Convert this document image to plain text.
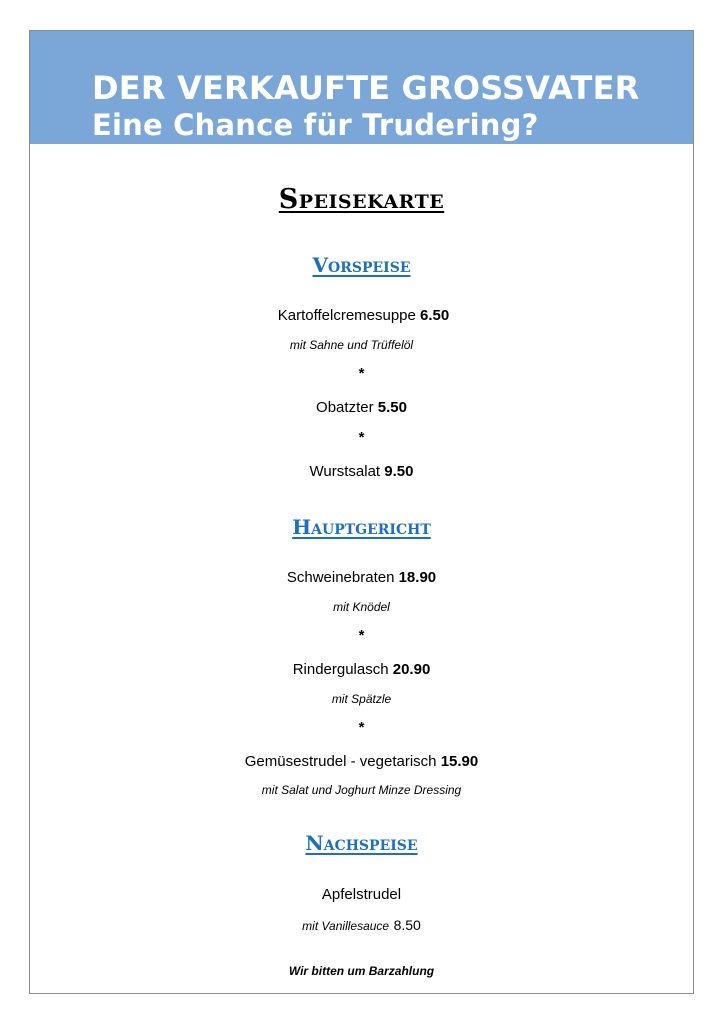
DER VERKAUFTE GROSSVATER
Eine Chance für Trudering?
Speisekarte
Vorspeise
Kartoffelcremesuppe 6.50
mit Sahne und Trüffelöl
*
Obatzter 5.50
*
Wurstsalat 9.50
Hauptgericht
Schweinebraten 18.90
mit Knödel
*
Rindergulasch 20.90
mit Spätzle
*
Gemüsestrudel - vegetarisch 15.90
mit Salat und Joghurt Minze Dressing
Nachspeise
Apfelstrudel
mit Vanillesauce 8.50
Wir bitten um Barzahlung
